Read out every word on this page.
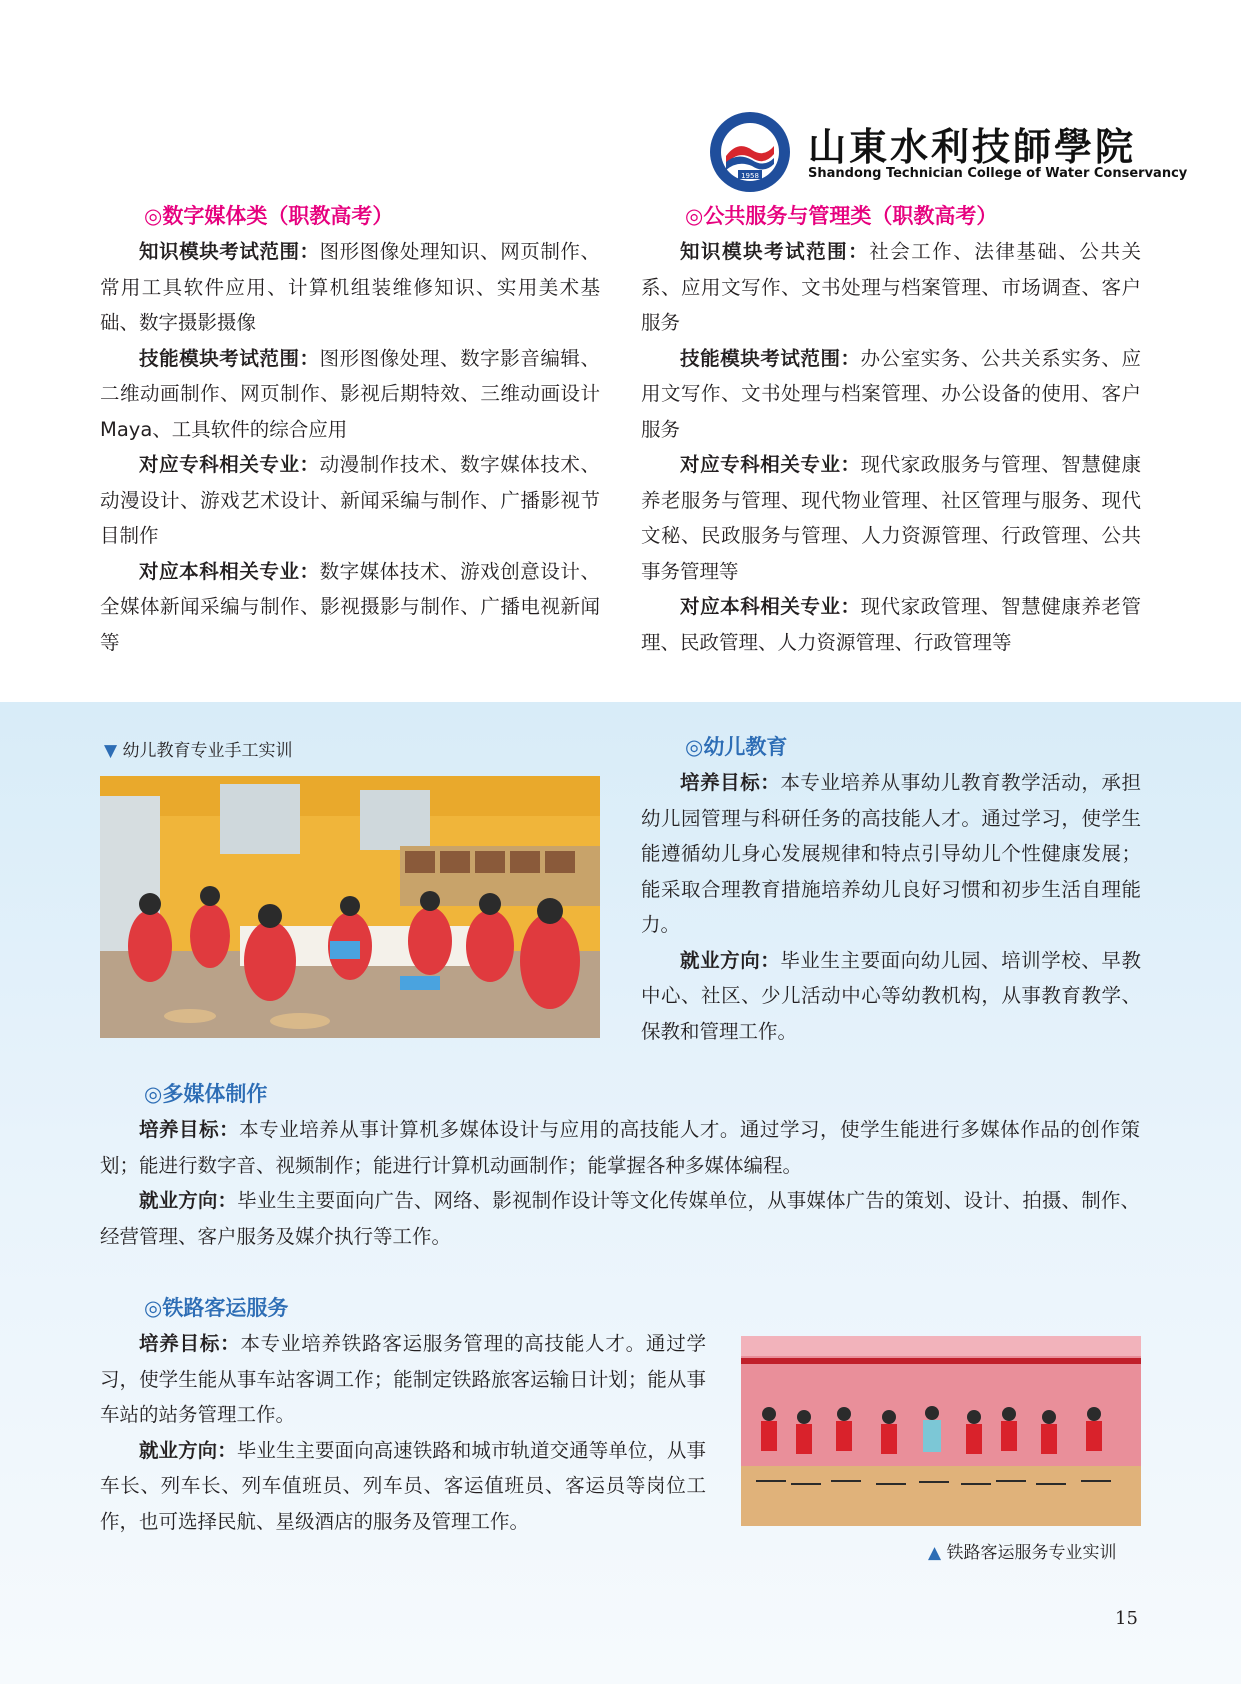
1958
山東水利技師學院
Shandong Technician College of Water Conservancy
◎数字媒体类（职教高考）

知识模块考试范围：图形图像处理知识、网页制作、常用工具软件应用、计算机组装维修知识、实用美术基础、数字摄影摄像

技能模块考试范围：图形图像处理、数字影音编辑、 二维动画制作、网页制作、影视后期特效、三维动画设计 Maya、工具软件的综合应用

对应专科相关专业：动漫制作技术、数字媒体技术、动漫设计、游戏艺术设计、新闻采编与制作、广播影视节目制作

对应本科相关专业：数字媒体技术、游戏创意设计、全媒体新闻采编与制作、影视摄影与制作、广播电视新闻等

◎公共服务与管理类（职教高考）

知识模块考试范围：社会工作、法律基础、公共关系、应用文写作、文书处理与档案管理、市场调查、客户服务

技能模块考试范围：办公室实务、公共关系实务、应用文写作、文书处理与档案管理、办公设备的使用、客户服务

对应专科相关专业：现代家政服务与管理、智慧健康养老服务与管理、现代物业管理、社区管理与服务、现代文秘、民政服务与管理、人力资源管理、行政管理、公共事务管理等

对应本科相关专业：现代家政管理、智慧健康养老管理、民政管理、人力资源管理、行政管理等

▼ 幼儿教育专业手工实训	◎幼儿教育

培养目标：本专业培养从事幼儿教育教学活动，承担幼儿园管理与科研任务的高技能人才。通过学习，使学生能遵循幼儿身心发展规律和特点引导幼儿个性健康发展；能采取合理教育措施培养幼儿良好习惯和初步生活自理能力。

就业方向：毕业生主要面向幼儿园、培训学校、早教中心、社区、少儿活动中心等幼教机构，从事教育教学、保教和管理工作。

◎多媒体制作

培养目标：本专业培养从事计算机多媒体设计与应用的高技能人才。通过学习，使学生能进行多媒体作品的创作策划；能进行数字音、视频制作；能进行计算机动画制作；能掌握各种多媒体编程。

就业方向：毕业生主要面向广告、网络、影视制作设计等文化传媒单位，从事媒体广告的策划、设计、拍摄、制作、经营管理、客户服务及媒介执行等工作。

◎铁路客运服务

培养目标：本专业培养铁路客运服务管理的高技能人才。通过学习，使学生能从事车站客调工作；能制定铁路旅客运输日计划；能从事车站的站务管理工作。

就业方向：毕业生主要面向高速铁路和城市轨道交通等单位，从事车长、列车长、列车值班员、列车员、客运值班员、客运员等岗位工作，也可选择民航、星级酒店的服务及管理工作。

▲ 铁路客运服务专业实训
15
